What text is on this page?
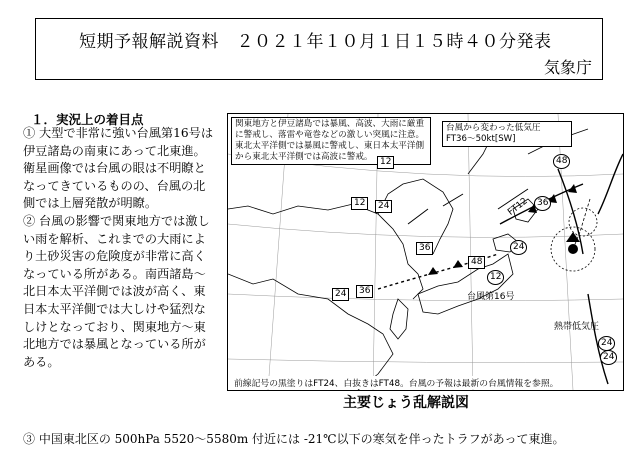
短期予報解説資料　２０２１年１０月１日１５時４０分発表
気象庁
１．実況上の着目点

① 大型で非常に強い台風第16号は伊豆諸島の南東にあって北東進。衛星画像では台風の眼は不明瞭となってきているものの、台風の北側では上層発散が明瞭。

② 台風の影響で関東地方では激しい雨を解析、これまでの大雨により土砂災害の危険度が非常に高くなっている所がある。南西諸島～北日本太平洋側では波が高く、東日本太平洋側では大しけや猛烈なしけとなっており、関東地方～東北地方では暴風となっている所がある。

③ 中国東北区の 500hPa 5520～5580m 付近には -21℃以下の寒気を伴ったトラフがあって東進。
関東地方と伊豆諸島では暴風、高波、大雨に厳重に警戒し、落雷や竜巻などの激しい突風に注意。東北太平洋側では暴風に警戒し、東日本太平洋側から東北太平洋側では高波に警戒。
台風から変わった低気圧
FT36～50kt[SW]
48
12	24
36	24
48
12
24	36
12
36
24
24
台風第16号
熱帯低気圧
FT12
前線記号の黒塗りはFT24、白抜きはFT48。台風の予報は最新の台風情報を参照。
主要じょう乱解説図
